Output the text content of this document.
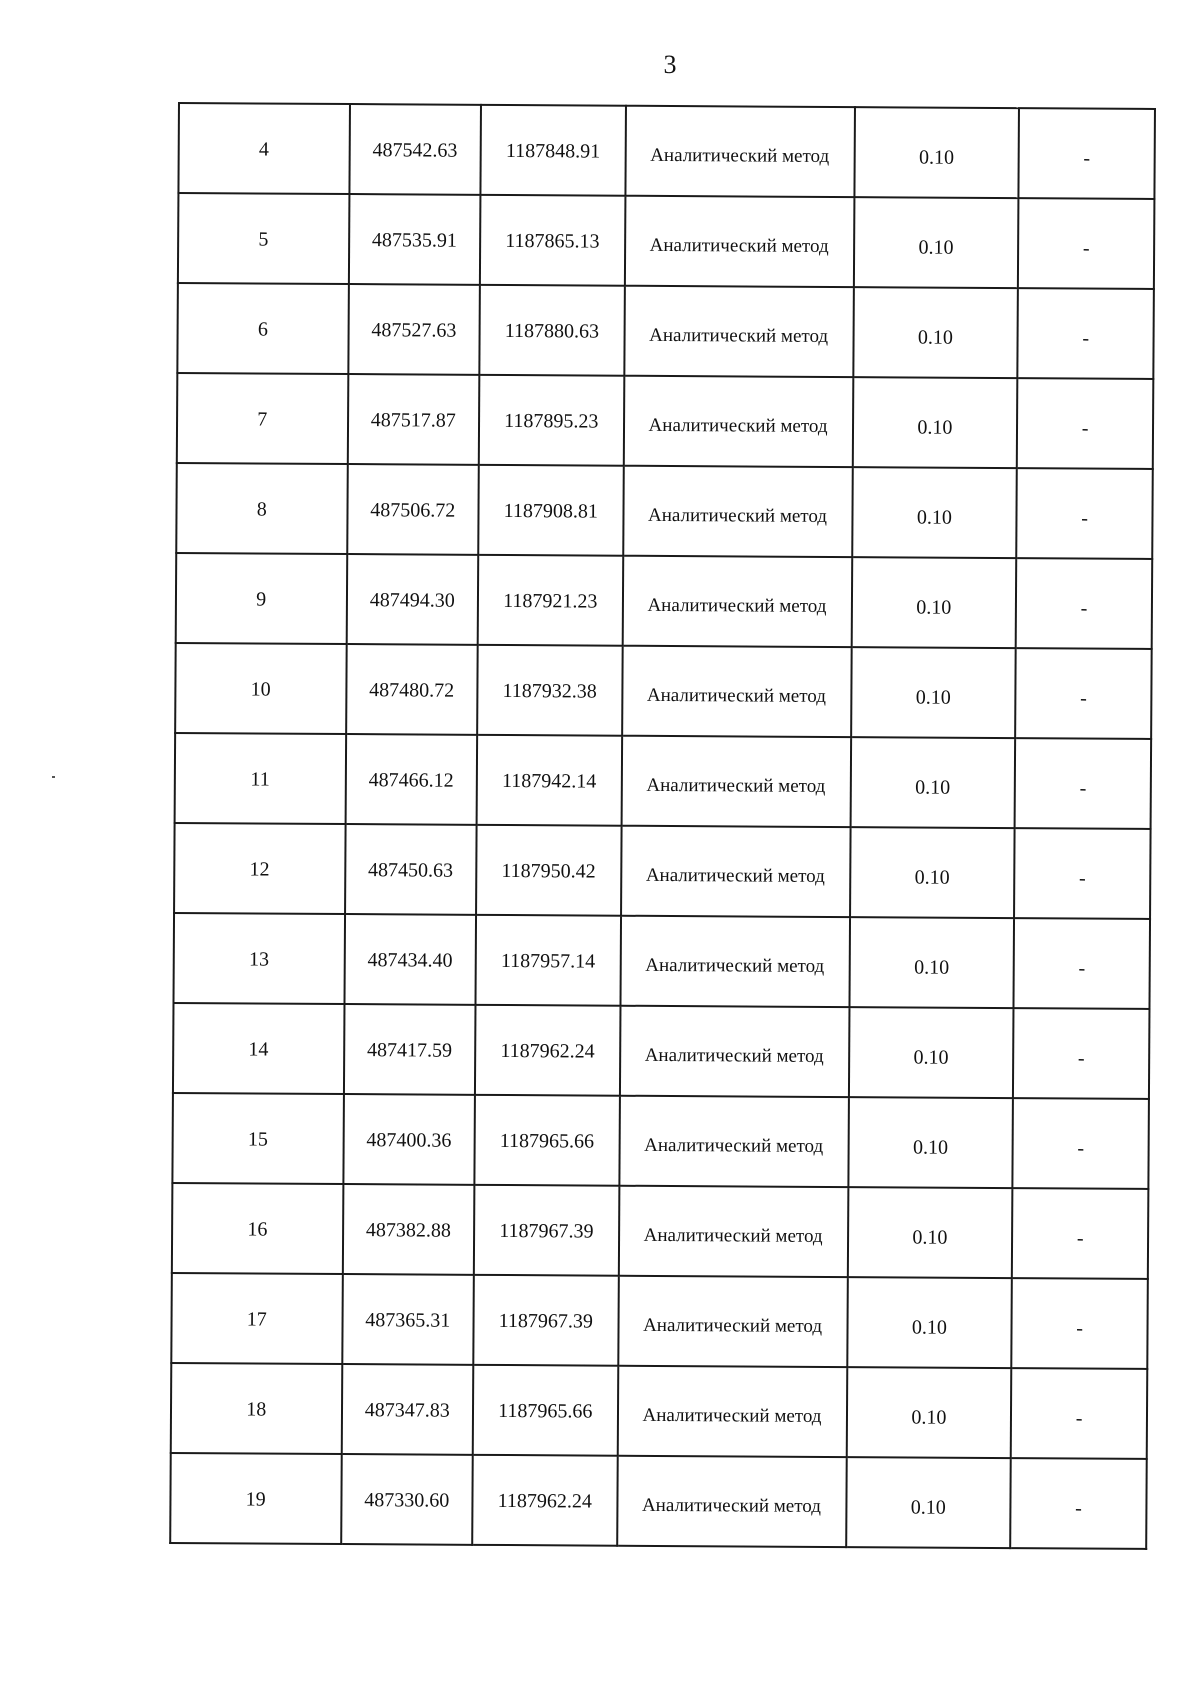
3
4	487542.63	1187848.91	Аналитический метод	0.10	-

5	487535.91	1187865.13	Аналитический метод	0.10	-

6	487527.63	1187880.63	Аналитический метод	0.10	-

7	487517.87	1187895.23	Аналитический метод	0.10	-

8	487506.72	1187908.81	Аналитический метод	0.10	-

9	487494.30	1187921.23	Аналитический метод	0.10	-

10	487480.72	1187932.38	Аналитический метод	0.10	-

11	487466.12	1187942.14	Аналитический метод	0.10	-

12	487450.63	1187950.42	Аналитический метод	0.10	-

13	487434.40	1187957.14	Аналитический метод	0.10	-

14	487417.59	1187962.24	Аналитический метод	0.10	-

15	487400.36	1187965.66	Аналитический метод	0.10	-

16	487382.88	1187967.39	Аналитический метод	0.10	-

17	487365.31	1187967.39	Аналитический метод	0.10	-

18	487347.83	1187965.66	Аналитический метод	0.10	-

19	487330.60	1187962.24	Аналитический метод	0.10	-
